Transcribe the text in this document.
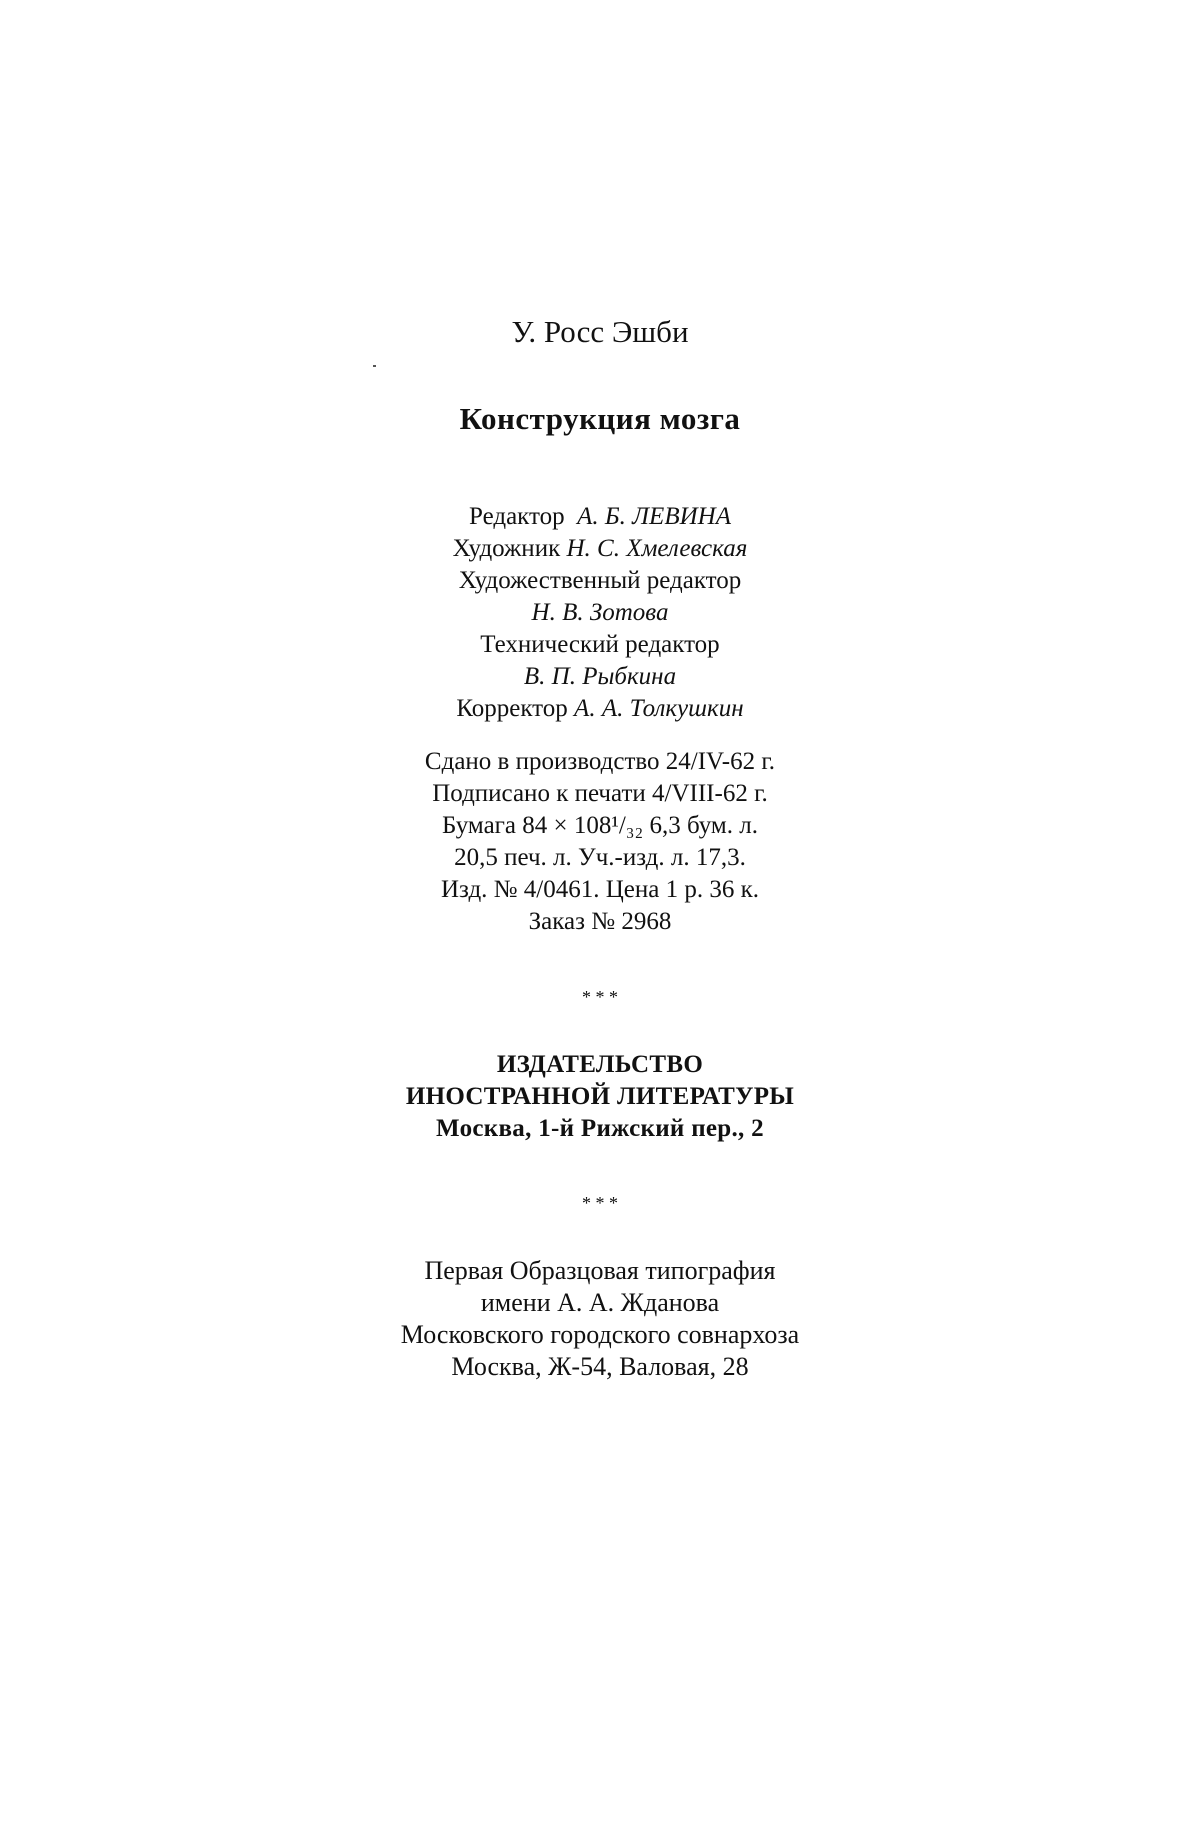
У. Росс Эшби
Конструкция мозга
Редактор А. Б. ЛЕВИНА
Художник Н. С. Хмелевская
Художественный редактор
Н. В. Зотова
Технический редактор
В. П. Рыбкина
Корректор А. А. Толкушкин
Сдано в производство 24/IV-62 г.
Подписано к печати 4/VIII-62 г.
Бумага 84 × 108¹/₃₂ 6,3 бум. л.
20,5 печ. л. Уч.-изд. л. 17,3.
Изд. № 4/0461. Цена 1 р. 36 к.
Заказ № 2968
* * *
ИЗДАТЕЛЬСТВО
ИНОСТРАННОЙ ЛИТЕРАТУРЫ
Москва, 1-й Рижский пер., 2
* * *
Первая Образцовая типография
имени А. А. Жданова
Московского городского совнархоза
Москва, Ж-54, Валовая, 28
